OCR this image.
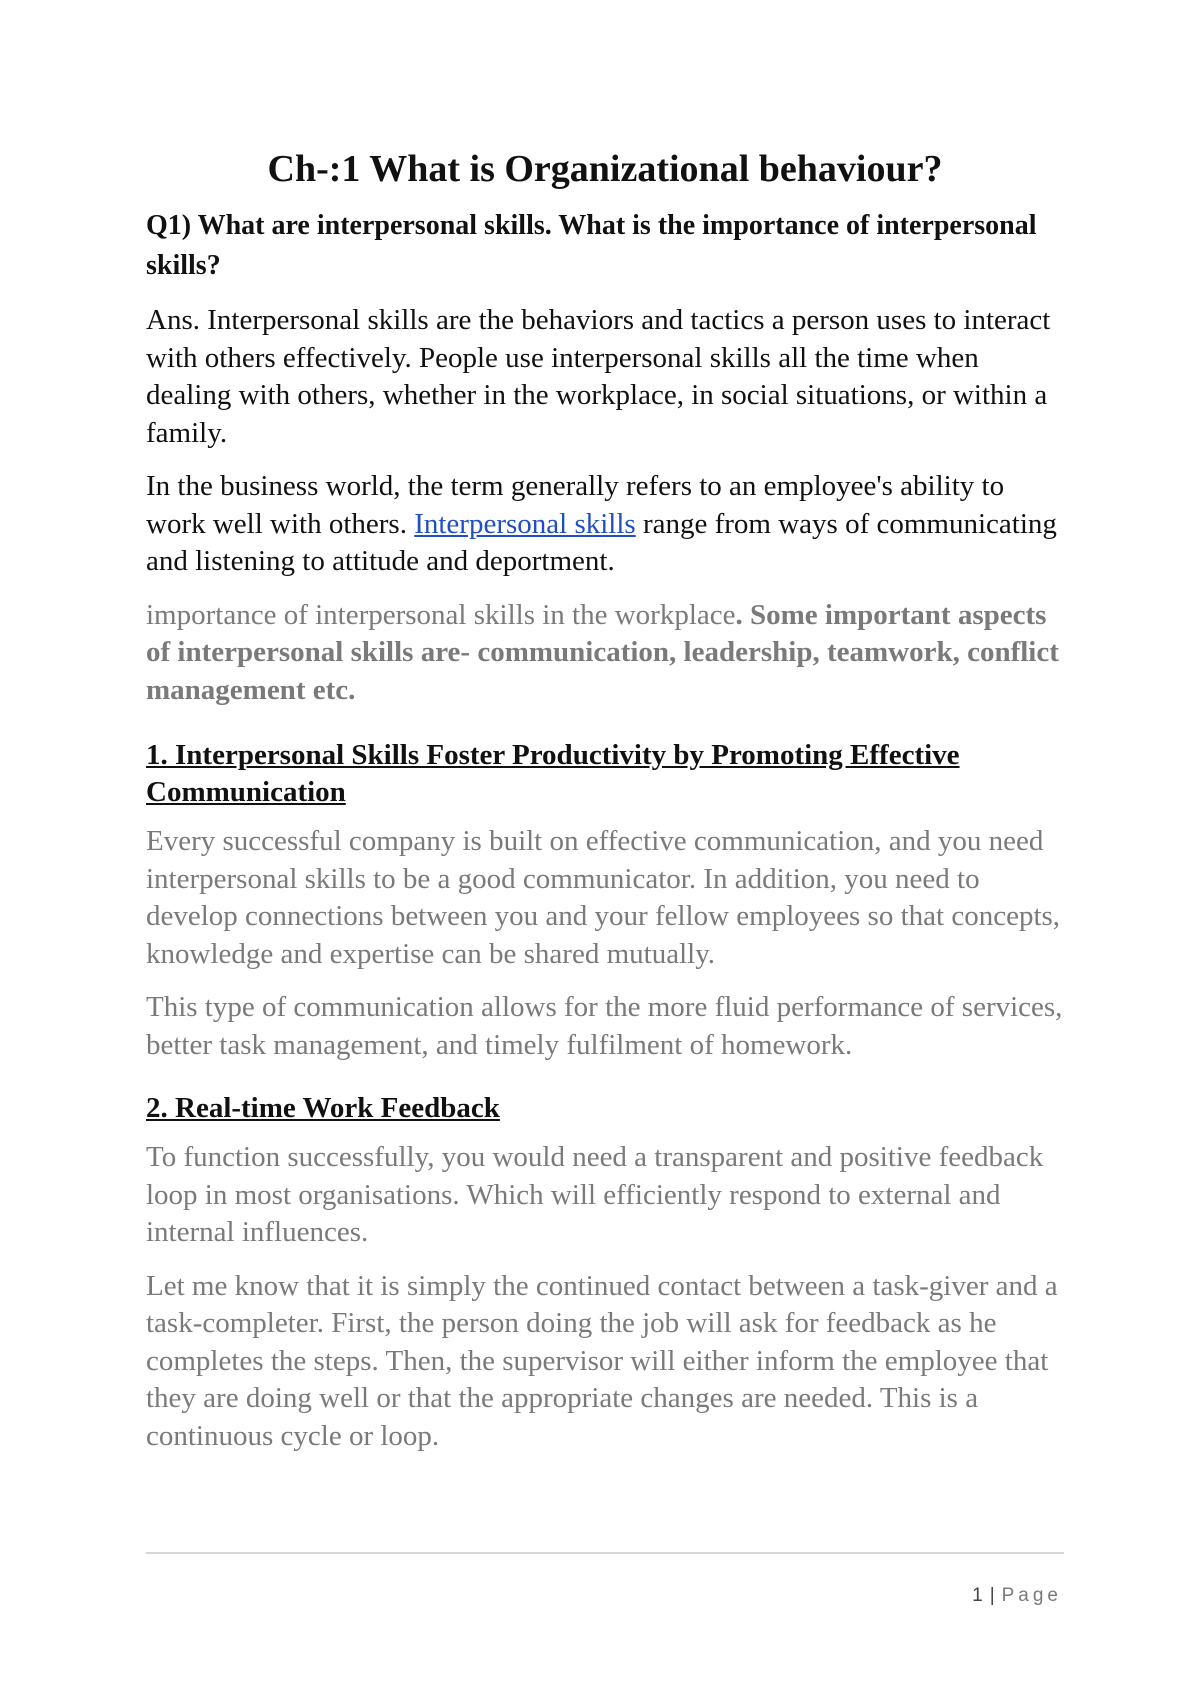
Ch-:1 What is Organizational behaviour?
Q1) What are interpersonal skills. What is the importance of interpersonal skills?

Ans. Interpersonal skills are the behaviors and tactics a person uses to interact with others effectively. People use interpersonal skills all the time when dealing with others, whether in the workplace, in social situations, or within a family.

In the business world, the term generally refers to an employee's ability to work well with others. Interpersonal skills range from ways of communicating and listening to attitude and deportment.

importance of interpersonal skills in the workplace. Some important aspects of interpersonal skills are- communication, leadership, teamwork, conflict management etc.

1. Interpersonal Skills Foster Productivity by Promoting Effective Communication

Every successful company is built on effective communication, and you need interpersonal skills to be a good communicator. In addition, you need to develop connections between you and your fellow employees so that concepts, knowledge and expertise can be shared mutually.

This type of communication allows for the more fluid performance of services, better task management, and timely fulfilment of homework.

2. Real-time Work Feedback

To function successfully, you would need a transparent and positive feedback loop in most organisations. Which will efficiently respond to external and internal influences.

Let me know that it is simply the continued contact between a task-giver and a task-completer. First, the person doing the job will ask for feedback as he completes the steps. Then, the supervisor will either inform the employee that they are doing well or that the appropriate changes are needed. This is a continuous cycle or loop.

1 | Page
